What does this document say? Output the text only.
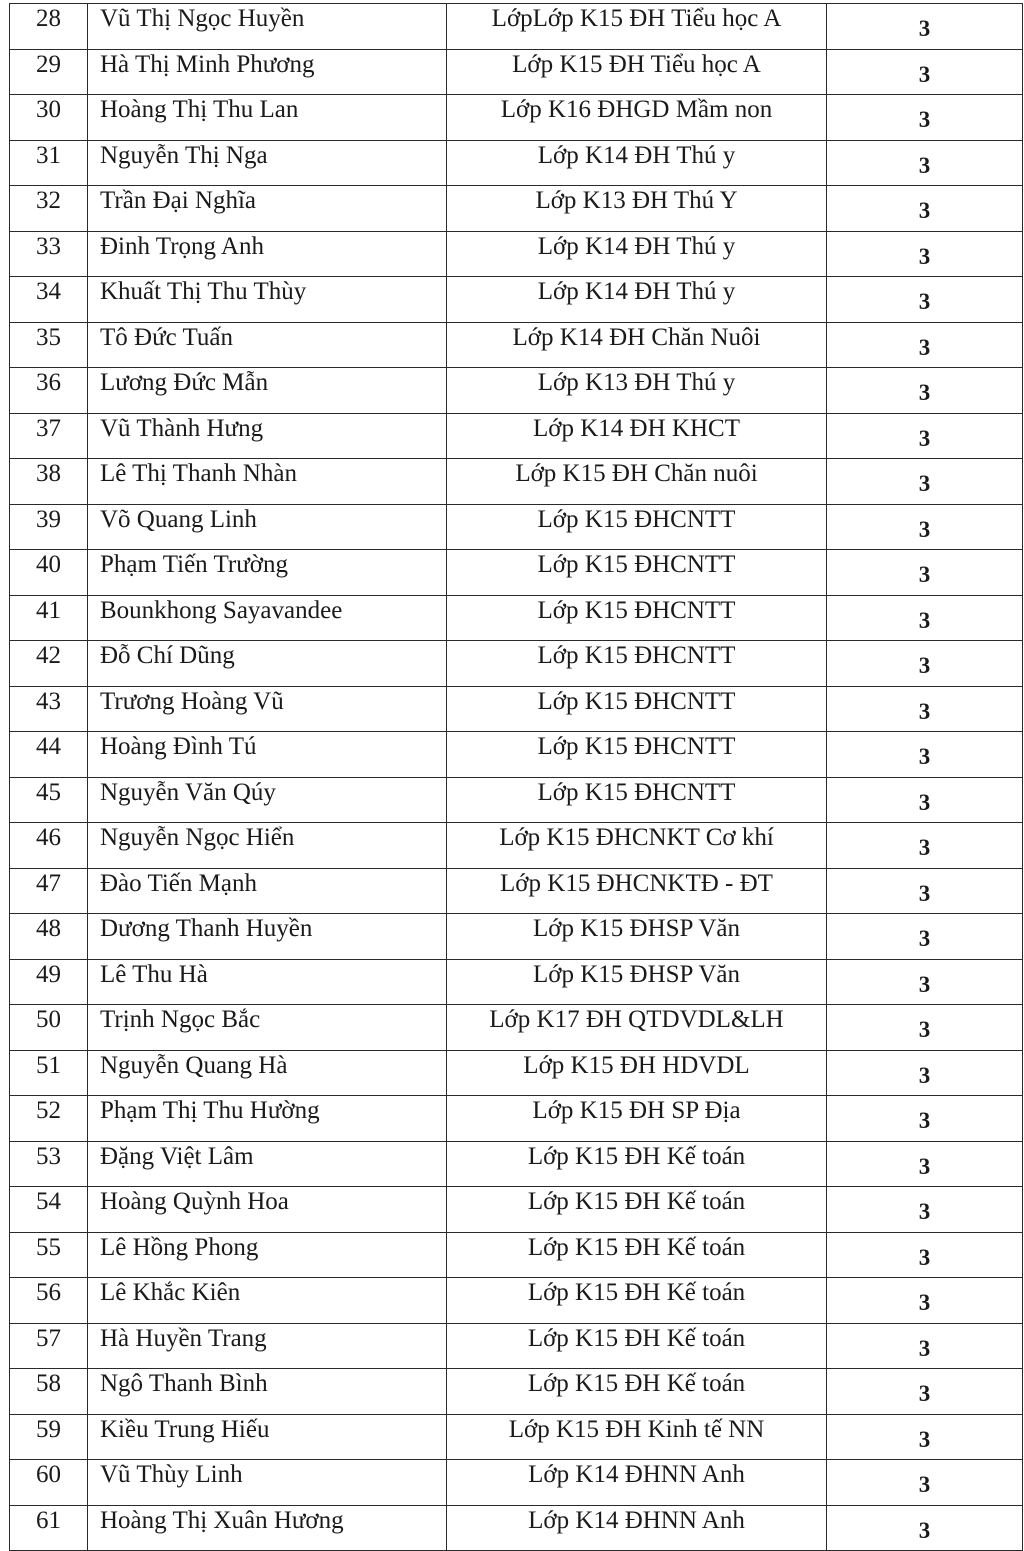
28	Vũ Thị Ngọc Huyền	LớpLớp K15 ĐH Tiểu học A	3
29	Hà Thị Minh Phương	Lớp K15 ĐH Tiểu học A	3
30	Hoàng Thị Thu Lan	Lớp K16 ĐHGD Mầm non	3
31	Nguyễn Thị Nga	Lớp K14 ĐH Thú y	3
32	Trần Đại Nghĩa	Lớp K13 ĐH Thú Y	3
33	Đinh Trọng Anh	Lớp K14 ĐH Thú y	3
34	Khuất Thị Thu Thùy	Lớp K14 ĐH Thú y	3
35	Tô Đức Tuấn	Lớp K14 ĐH Chăn Nuôi	3
36	Lương Đức Mẫn	Lớp K13 ĐH Thú y	3
37	Vũ Thành Hưng	Lớp K14 ĐH KHCT	3
38	Lê Thị Thanh Nhàn	Lớp K15 ĐH Chăn nuôi	3
39	Võ Quang Linh	Lớp K15 ĐHCNTT	3
40	Phạm Tiến Trường	Lớp K15 ĐHCNTT	3
41	Bounkhong Sayavandee	Lớp K15 ĐHCNTT	3
42	Đỗ Chí Dũng	Lớp K15 ĐHCNTT	3
43	Trương Hoàng Vũ	Lớp K15 ĐHCNTT	3
44	Hoàng Đình Tú	Lớp K15 ĐHCNTT	3
45	Nguyễn Văn Qúy	Lớp K15 ĐHCNTT	3
46	Nguyễn Ngọc Hiển	Lớp K15 ĐHCNKT Cơ khí	3
47	Đào Tiến Mạnh	Lớp K15 ĐHCNKTĐ - ĐT	3
48	Dương Thanh Huyền	Lớp K15 ĐHSP Văn	3
49	Lê Thu Hà	Lớp K15 ĐHSP Văn	3
50	Trịnh Ngọc Bắc	Lớp K17 ĐH QTDVDL&LH	3
51	Nguyễn Quang Hà	Lớp K15 ĐH HDVDL	3
52	Phạm Thị Thu Hường	Lớp K15 ĐH SP Địa	3
53	Đặng Việt Lâm	Lớp K15 ĐH Kế toán	3
54	Hoàng Quỳnh Hoa	Lớp K15 ĐH Kế toán	3
55	Lê Hồng Phong	Lớp K15 ĐH Kế toán	3
56	Lê Khắc Kiên	Lớp K15 ĐH Kế toán	3
57	Hà Huyền Trang	Lớp K15 ĐH Kế toán	3
58	Ngô Thanh Bình	Lớp K15 ĐH Kế toán	3
59	Kiều Trung Hiếu	Lớp K15 ĐH Kinh tế NN	3
60	Vũ Thùy Linh	Lớp K14 ĐHNN Anh	3
61	Hoàng Thị Xuân Hương	Lớp K14 ĐHNN Anh	3
